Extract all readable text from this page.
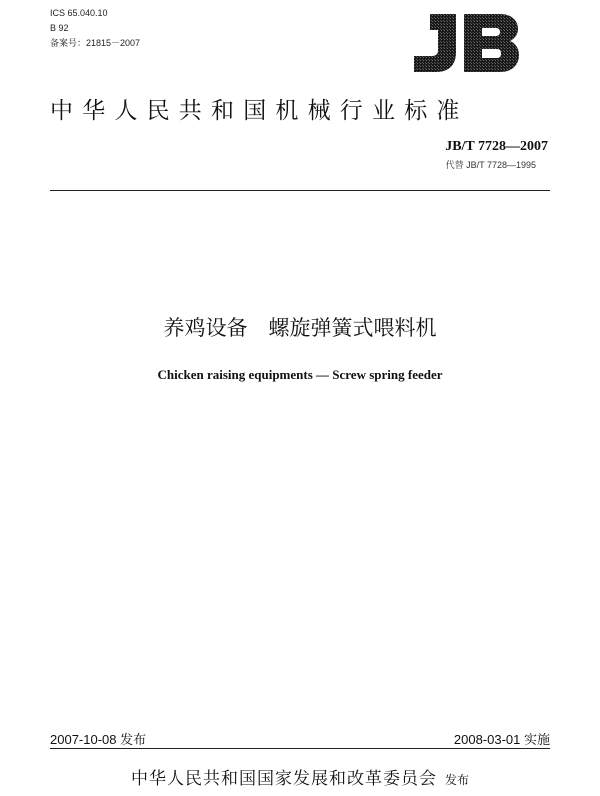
ICS 65.040.10
B 92
备案号：21815－2007
中华人民共和国机械行业标准
JB/T 7728—2007
代替 JB/T 7728—1995
养鸡设备　螺旋弹簧式喂料机
Chicken raising equipments — Screw spring feeder
2007-10-08 发布	2008-03-01 实施
中华人民共和国国家发展和改革委员会 发布
